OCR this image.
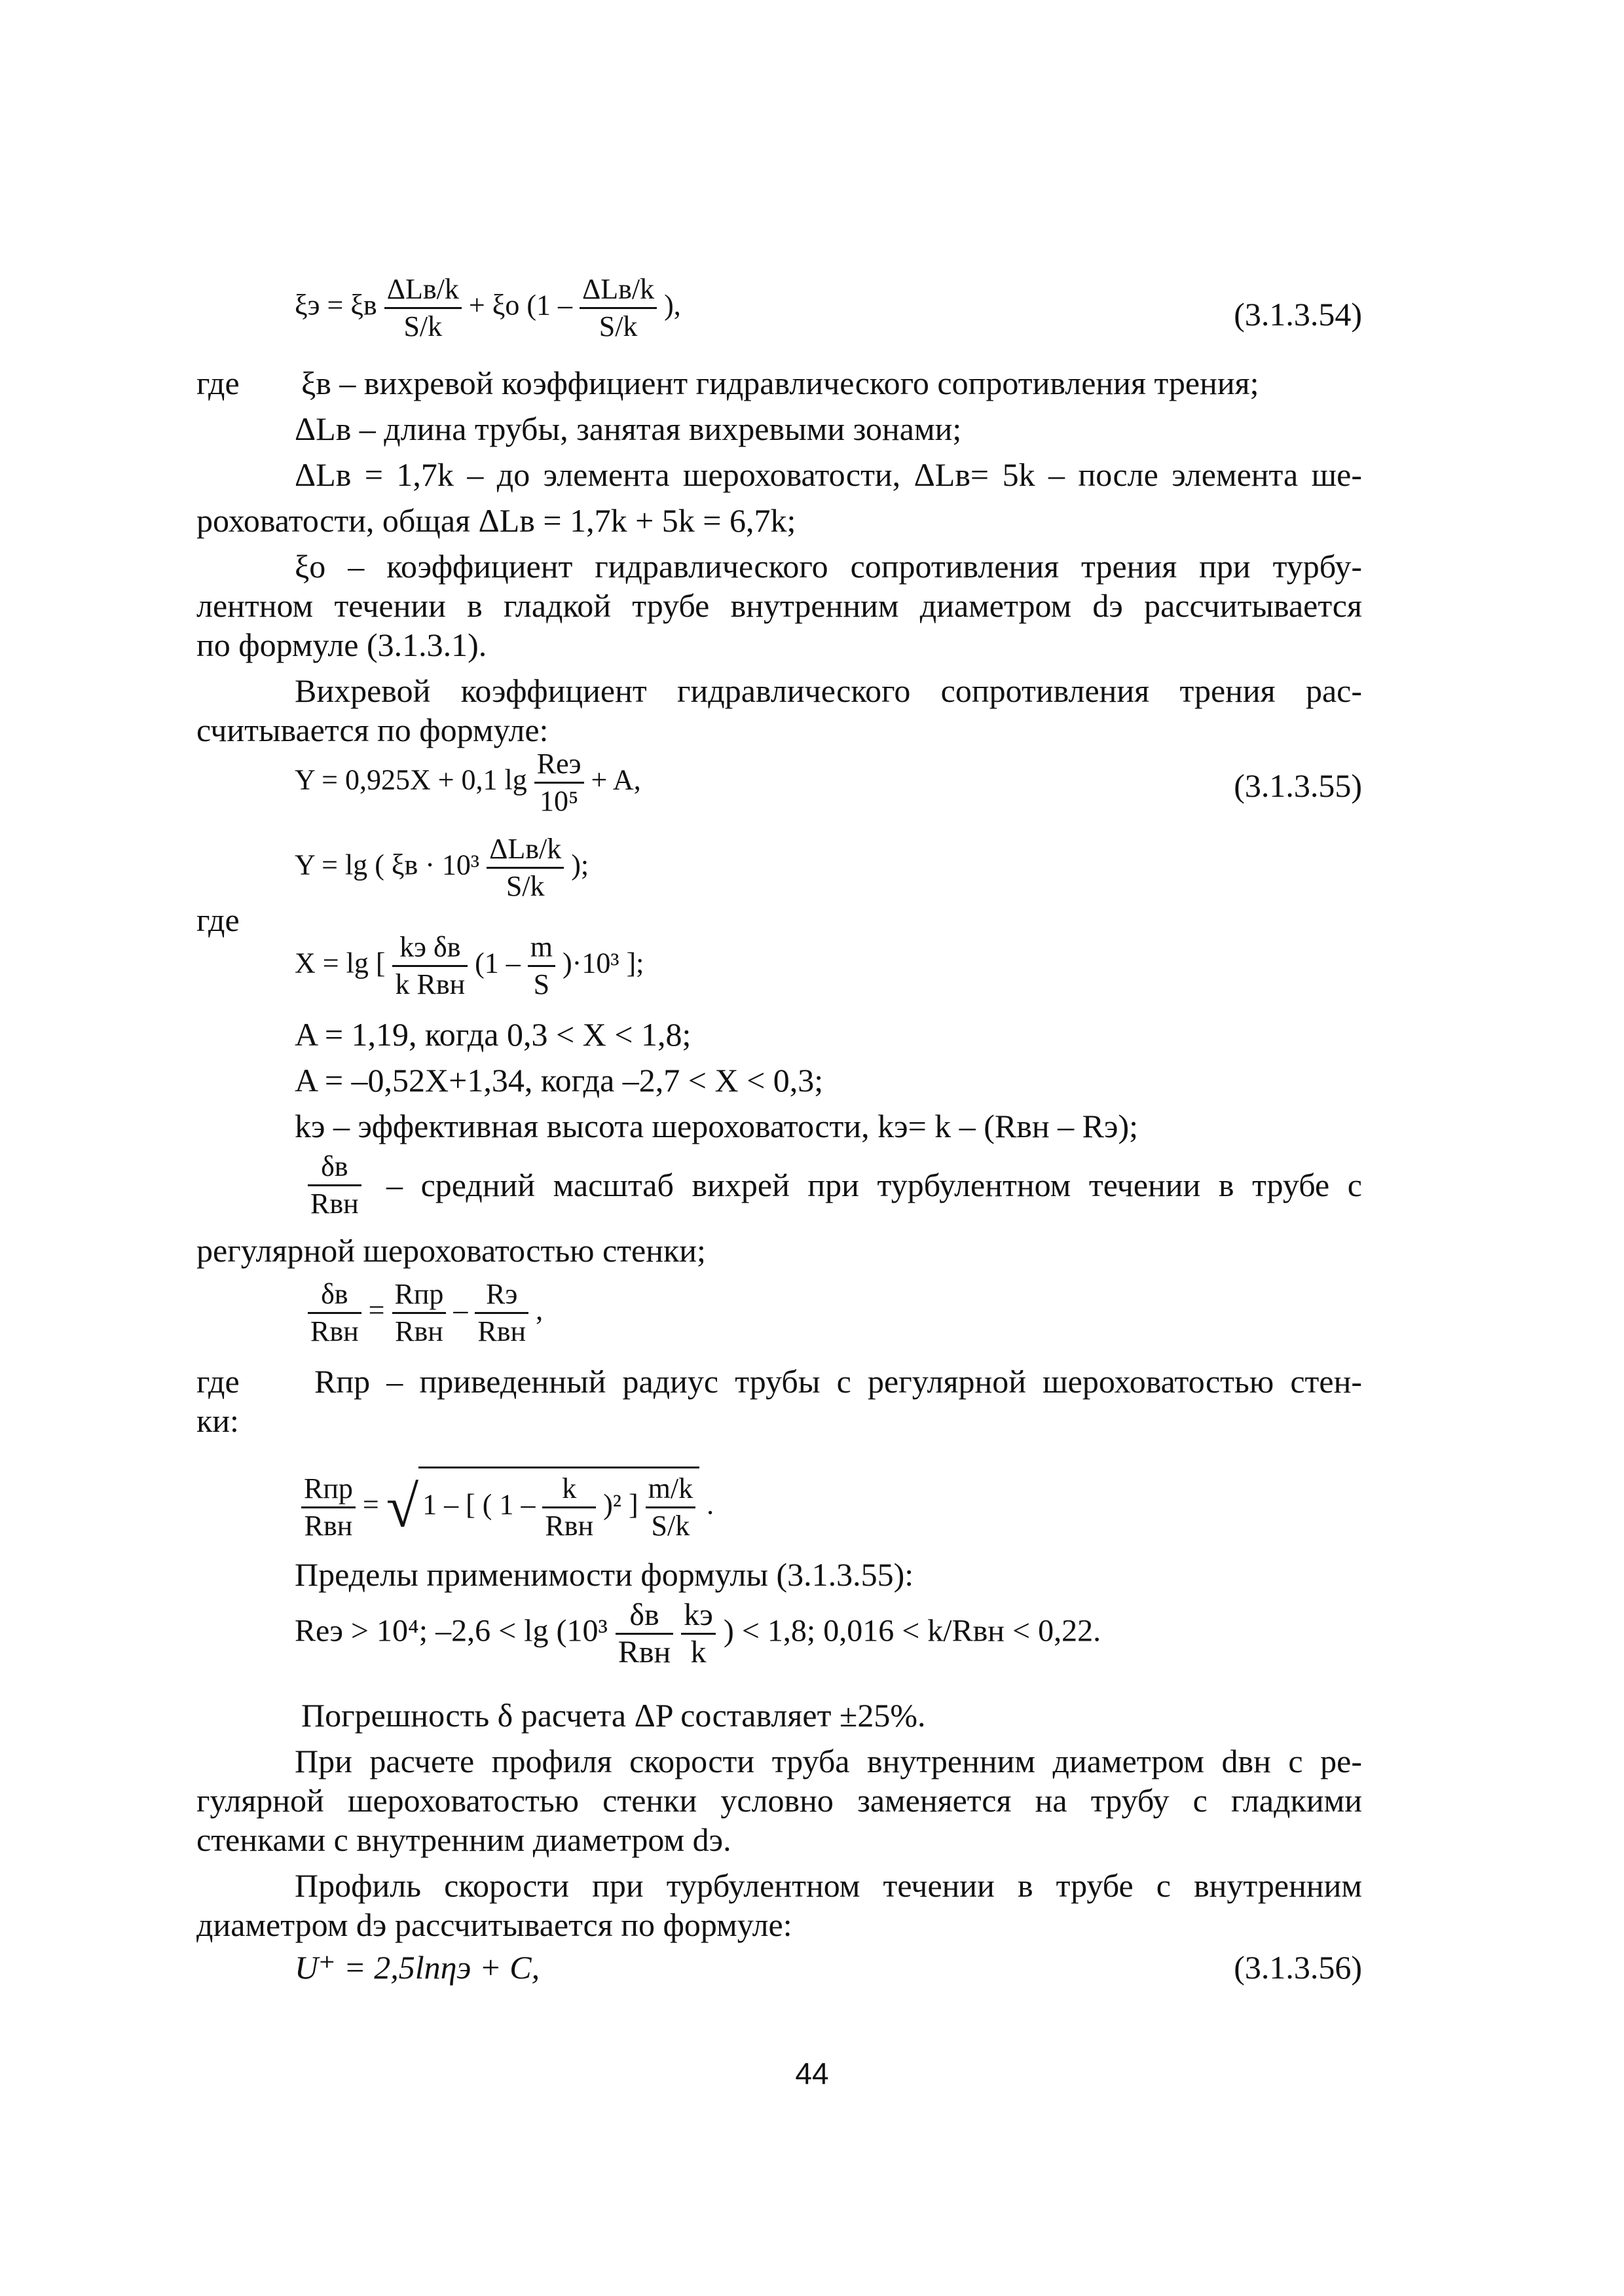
ξэ = ξв $\frac{\text{ΔLв/k}}{S/k} + \xi о$ ($1 - \frac{\text{ΔLв/k}}{S/k}$ ),	(3.1.3.54)
где ξв – вихревой коэффициент гидравлического сопротивления трения;
ΔLв – длина трубы, занятая вихревыми зонами;
ΔLв = 1,7k – до элемента шероховатости, ΔLв= 5k – после элемента ше-
роховатости, общая ΔLв = 1,7k + 5k = 6,7k;
ξо – коэффициент гидравлического сопротивления трения при турбу-
лентном течении в гладкой трубе внутренним диаметром dэ рассчитывается
по формуле (3.1.3.1).
Вихревой коэффициент гидравлического сопротивления трения рас-
считывается по формуле:
Y = 0,925X + 0,1 $\lg \frac{\text{Reэ}}{\text{10⁵}} + A$,	(3.1.3.55)
Y = lg ( $\xi в \cdot 10^3 \frac{\text{ΔLв/k}}{S/k}$ );
где
X = lg [ $\frac{\text{kэ δв}}{\text{k Rвн}} (1 - \frac{m}{S} )\cdot 10^3$ ];
A = 1,19, когда 0,3 < X < 1,8;
A = –0,52X+1,34, когда –2,7 < X < 0,3;
kэ – эффективная высота шероховатости, kэ= k – (Rвн – Rэ);
$\frac{\delta в}{\text{Rвн}}$ – средний масштаб вихрей при турбулентном течении в трубе с
регулярной шероховатостью стенки;
$\frac{\delta в}{\text{Rвн}} = \frac{\text{Rпр}}{\text{Rвн}} - \frac{Rэ}{\text{Rвн}}$ ,
где Rпр – приведенный радиус трубы с регулярной шероховатостью стен-
ки:
$\frac{\text{Rпр}}{\text{Rвн}}$ = √ 1 – [ ( $1 - \frac{k}{\text{Rвн}} )^2$ ] $\frac{m/k}{S/k}$ .
Пределы применимости формулы (3.1.3.55):
Reэ > 10⁴; $-2,6 < \lg (10^3 \frac{\delta в}{\text{Rвн}}$
$\frac{kэ}{k}$ ) < 1,8; 0,016 < k/Rвн < 0,22.
Погрешность δ расчета ΔP составляет ±25%.
При расчете профиля скорости труба внутренним диаметром dвн с ре-
гулярной шероховатостью стенки условно заменяется на трубу с гладкими
стенками с внутренним диаметром dэ.
Профиль скорости при турбулентном течении в трубе с внутренним
диаметром dэ рассчитывается по формуле:
U⁺ = 2,5lnηэ + C,	(3.1.3.56)
44
